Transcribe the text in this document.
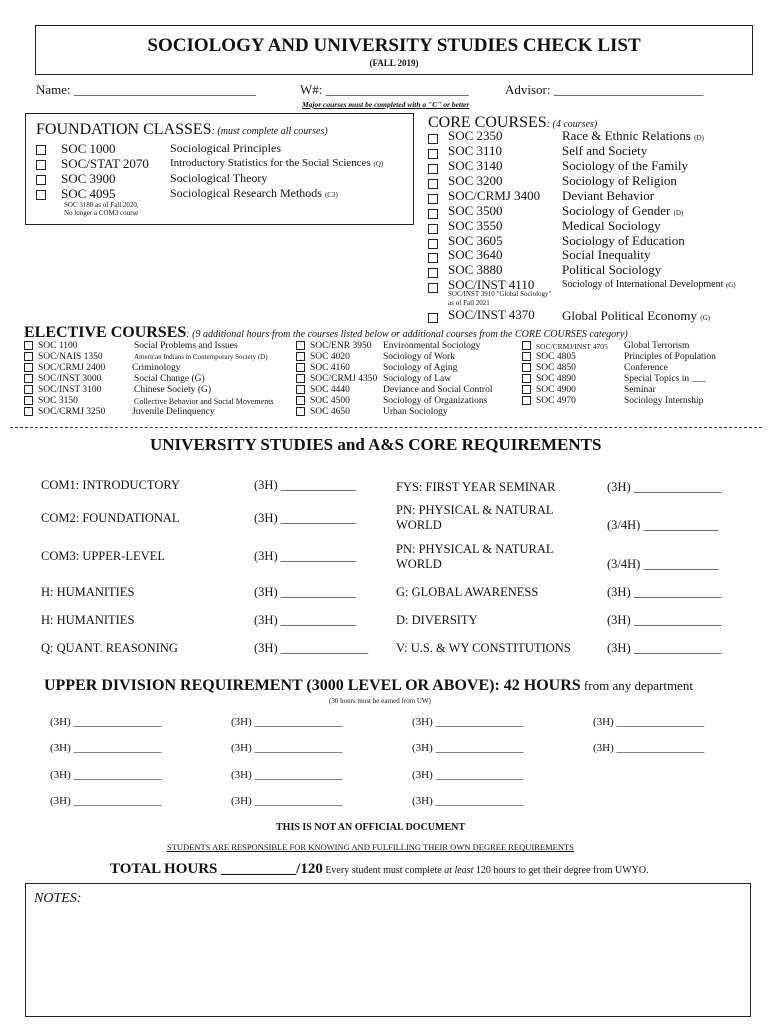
SOCIOLOGY AND UNIVERSITY STUDIES CHECK LIST
(FALL 2019)
Name: ____________________________	W#: ______________________	Advisor: _______________________
Major courses must be completed with a "C" or better
FOUNDATION CLASSES: (must complete all courses)
SOC 1000	Sociological Principles
SOC/STAT 2070 Introductory Statistics for the Social Sciences (Q)
SOC 3900	Sociological Theory
SOC 4095	Sociological Research Methods (C3)
SOC 3180 as of Fall 2020,
No longer a COM3 course
CORE COURSES: (4 courses)
SOC 2350	Race & Ethnic Relations (D)
SOC 3110	Self and Society
SOC 3140	Sociology of the Family
SOC 3200	Sociology of Religion
SOC/CRMJ 3400 Deviant Behavior
SOC 3500	Sociology of Gender (D)
SOC 3550	Medical Sociology
SOC 3605	Sociology of Education
SOC 3640	Social Inequality
SOC 3880	Political Sociology
SOC/INST 4110	Sociology of International Development (G)
SOC/INST 3910 "Global Sociology"
as of Fall 2021
SOC/INST 4370 Global Political Economy (G)
ELECTIVE COURSES: (9 additional hours from the courses listed below or additional courses from the CORE COURSES category)
SOC 1100	Social Problems and Issues
SOC/NAIS 1350	American Indians in Contemporary Society (D)
SOC/CRMJ 2400	Criminology
SOC/INST 3000	Social Change (G)
SOC/INST 3100	Chinese Society (G)
SOC 3150	Collective Behavior and Social Movements
SOC/CRMJ 3250	Juvenile Delinquency
SOC/ENR 3950 Environmental Sociology
SOC 4020	Sociology of Work
SOC 4160	Sociology of Aging
SOC/CRMJ 4350 Sociology of Law
SOC 4440	Deviance and Social Control
SOC 4500	Sociology of Organizations
SOC 4650	Urban Sociology
SOC/CRMJ/INST 4705 Global Terrorism
SOC 4805	Principles of Population
SOC 4850	Conference
SOC 4890	Special Topics in ___
SOC 4900	Seminar
SOC 4970	Sociology Internship
UNIVERSITY STUDIES and A&S CORE REQUIREMENTS
COM1: INTRODUCTORY	(3H) ____________
COM2: FOUNDATIONAL	(3H) ____________
COM3: UPPER-LEVEL	(3H) ____________
H: HUMANITIES	(3H) ____________
H: HUMANITIES	(3H) ____________
Q: QUANT. REASONING	(3H) ______________
FYS: FIRST YEAR SEMINAR	(3H) ______________
PN: PHYSICAL & NATURAL
WORLD	(3/4H) ____________
PN: PHYSICAL & NATURAL
WORLD	(3/4H) ____________
G: GLOBAL AWARENESS	(3H) ______________
D: DIVERSITY	(3H) ______________
V: U.S. & WY CONSTITUTIONS	(3H) ______________
UPPER DIVISION REQUIREMENT (3000 LEVEL OR ABOVE): 42 HOURS from any department
(30 hours must be earned from UW)
(3H) ________________	(3H) ________________	(3H) ________________	(3H) ________________
(3H) ________________	(3H) ________________	(3H) ________________	(3H) ________________
(3H) ________________	(3H) ________________	(3H) ________________
(3H) ________________	(3H) ________________	(3H) ________________
THIS IS NOT AN OFFICIAL DOCUMENT
STUDENTS ARE RESPONSIBLE FOR KNOWING AND FULFILLING THEIR OWN DEGREE REQUIREMENTS
TOTAL HOURS __________/120 Every student must complete at least 120 hours to get their degree from UWYO.
NOTES:
